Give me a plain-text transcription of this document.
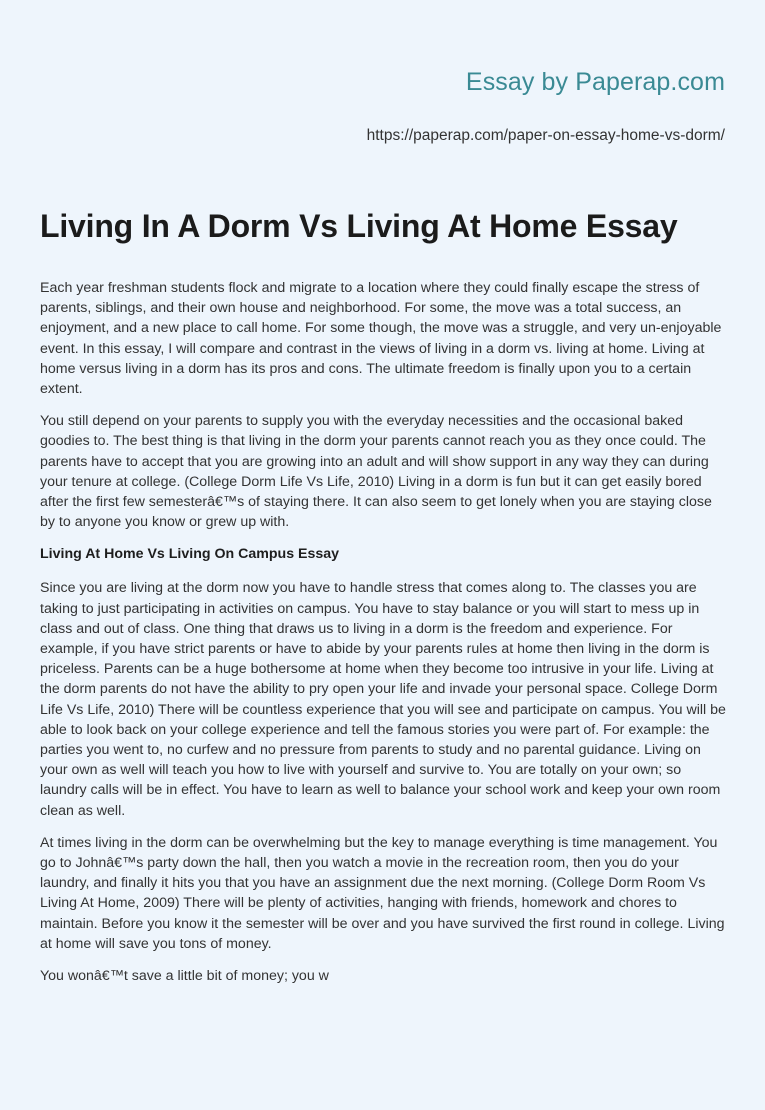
Essay by Paperap.com
https://paperap.com/paper-on-essay-home-vs-dorm/
Living In A Dorm Vs Living At Home Essay

Each year freshman students flock and migrate to a location where they could finally escape the stress of parents, siblings, and their own house and neighborhood. For some, the move was a total success, an enjoyment, and a new place to call home. For some though, the move was a struggle, and very un-enjoyable event. In this essay, I will compare and contrast in the views of living in a dorm vs. living at home. Living at home versus living in a dorm has its pros and cons. The ultimate freedom is finally upon you to a certain extent.

You still depend on your parents to supply you with the everyday necessities and the occasional baked goodies to. The best thing is that living in the dorm your parents cannot reach you as they once could. The parents have to accept that you are growing into an adult and will show support in any way they can during your tenure at college. (College Dorm Life Vs Life, 2010) Living in a dorm is fun but it can get easily bored after the first few semesterâ€™s of staying there. It can also seem to get lonely when you are staying close by to anyone you know or grew up with.

Living At Home Vs Living On Campus Essay

Since you are living at the dorm now you have to handle stress that comes along to. The classes you are taking to just participating in activities on campus. You have to stay balance or you will start to mess up in class and out of class. One thing that draws us to living in a dorm is the freedom and experience. For example, if you have strict parents or have to abide by your parents rules at home then living in the dorm is priceless. Parents can be a huge bothersome at home when they become too intrusive in your life. Living at the dorm parents do not have the ability to pry open your life and invade your personal space. College Dorm Life Vs Life, 2010) There will be countless experience that you will see and participate on campus. You will be able to look back on your college experience and tell the famous stories you were part of. For example: the parties you went to, no curfew and no pressure from parents to study and no parental guidance. Living on your own as well will teach you how to live with yourself and survive to. You are totally on your own; so laundry calls will be in effect. You have to learn as well to balance your school work and keep your own room clean as well.

At times living in the dorm can be overwhelming but the key to manage everything is time management. You go to Johnâ€™s party down the hall, then you watch a movie in the recreation room, then you do your laundry, and finally it hits you that you have an assignment due the next morning. (College Dorm Room Vs Living At Home, 2009) There will be plenty of activities, hanging with friends, homework and chores to maintain. Before you know it the semester will be over and you have survived the first round in college. Living at home will save you tons of money.

You wonâ€™t save a little bit of money; you w
